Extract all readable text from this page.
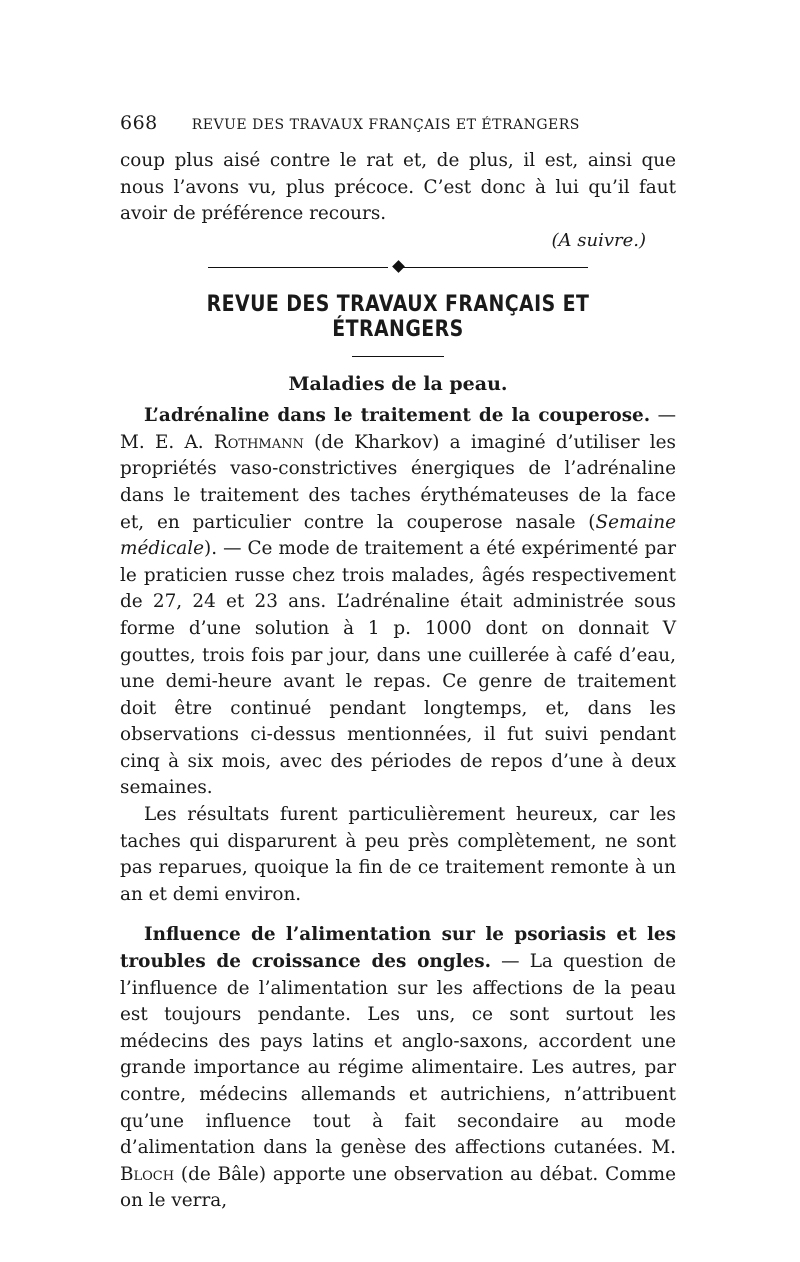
668 REVUE DES TRAVAUX FRANÇAIS ET ÉTRANGERS

coup plus aisé contre le rat et, de plus, il est, ainsi que nous l’avons vu, plus précoce. C’est donc à lui qu’il faut avoir de préférence recours.

(A suivre.)
REVUE DES TRAVAUX FRANÇAIS ET ÉTRANGERS
Maladies de la peau.

L’adrénaline dans le traitement de la couperose. — M. E. A. Rothmann (de Kharkov) a imaginé d’utiliser les propriétés vaso-constrictives énergiques de l’adrénaline dans le traitement des taches érythémateuses de la face et, en particulier contre la couperose nasale (Semaine médicale). — Ce mode de traitement a été expérimenté par le praticien russe chez trois malades, âgés respectivement de 27, 24 et 23 ans. L’adrénaline était administrée sous forme d’une solution à 1 p. 1000 dont on donnait V gouttes, trois fois par jour, dans une cuillerée à café d’eau, une demi-heure avant le repas. Ce genre de traitement doit être continué pendant longtemps, et, dans les observations ci-dessus mentionnées, il fut suivi pendant cinq à six mois, avec des périodes de repos d’une à deux semaines.

Les résultats furent particulièrement heureux, car les taches qui disparurent à peu près complètement, ne sont pas reparues, quoique la fin de ce traitement remonte à un an et demi environ.

Influence de l’alimentation sur le psoriasis et les troubles de croissance des ongles. — La question de l’influence de l’alimentation sur les affections de la peau est toujours pendante. Les uns, ce sont surtout les médecins des pays latins et anglo-saxons, accordent une grande importance au régime alimentaire. Les autres, par contre, médecins allemands et autrichiens, n’attribuent qu’une influence tout à fait secondaire au mode d’alimentation dans la genèse des affections cutanées. M. Bloch (de Bâle) apporte une observation au débat. Comme on le verra,
